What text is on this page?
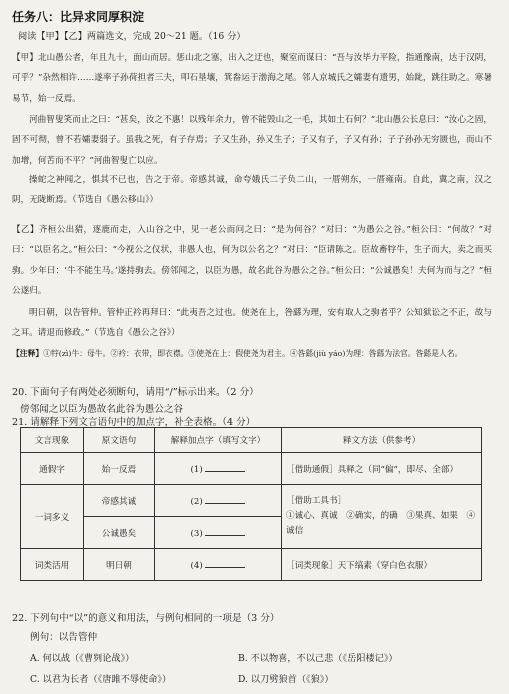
任务八：比异求同厚积淀
阅读【甲】【乙】两篇选文，完成 20～21 题。（16 分）
【甲】北山愚公者，年且九十，面山而居。惩山北之塞，出入之迂也，聚室而谋曰：“吾与汝毕力平险，指通豫南，达于汉阴，可乎？”杂然相许……遂率子孙荷担者三夫，叩石垦壤，箕畚运于渤海之尾。邻人京城氏之孀妻有遗男，始龀，跳往助之。寒暑易节，始一反焉。
河曲智叟笑而止之曰：“甚矣，汝之不惠！以残年余力，曾不能毁山之一毛，其如土石何？”北山愚公长息曰：“汝心之固，固不可彻，曾不若孀妻弱子。虽我之死，有子存焉；子又生孙，孙又生子；子又有子，子又有孙；子子孙孙无穷匮也，而山不加增，何苦而不平？”河曲智叟亡以应。
操蛇之神闻之，惧其不已也，告之于帝。帝感其诚，命夸娥氏二子负二山，一厝朔东，一厝雍南。自此，冀之南，汉之阴，无陇断焉。（节选自《愚公移山》）
【乙】齐桓公出猎，逐鹿而走，入山谷之中，见一老公而问之曰：“是为何谷？”对曰：“为愚公之谷。”桓公曰：“何故？”对曰：“以臣名之。”桓公曰：“今视公之仪状，非愚人也，何为以公名之？”对曰：“臣请陈之。臣故畜牸牛，生子而大，卖之而买驹。少年曰：‘牛不能生马。’遂持驹去。傍邻闻之，以臣为愚，故名此谷为愚公之谷。”桓公曰：“公诚愚矣！夫何为而与之？”桓公遂归。
明日朝，以告管仲。管仲正衿再拜曰：“此夷吾之过也。使尧在上，咎繇为理，安有取人之驹者乎？公知狱讼之不正，故与之耳。请退而修政。”（节选自《愚公之谷》）
【注释】①牸(zì)牛：母牛。②衿：衣带，即衣襟。③使尧在上：假使尧为君主。④咎繇(jiù yáo)为理：咎繇为法官。咎繇是人名。
20. 下面句子有两处必须断句，请用“/”标示出来。（2 分）
傍邻闻之以臣为愚故名此谷为愚公之谷
21. 请解释下列文言语句中的加点字，补全表格。（4 分）
文言现象	原文语句	解释加点字（填写文字）	释文方法（供参考）
通假字	始一反焉	(1)	［借助通假］具释之（同“偏”，即尽、全部）
一词多义	帝感其诚	(2)	［借助工具书］
①诚心、真诚　②确实，的确　③果真、如果　④诚信

	公诚愚矣	(3)	
词类活用	明日朝	(4)	［词类现象］天下缟素（穿白色衣服）
22. 下列句中“以”的意义和用法，与例句相同的一项是（3 分）
例句：以告管仲
A. 何以战（《曹刿论战》）	B. 不以物喜，不以己悲（《岳阳楼记》）
C. 以君为长者（《唐雎不辱使命》）	D. 以刀劈狼首（《狼》）
